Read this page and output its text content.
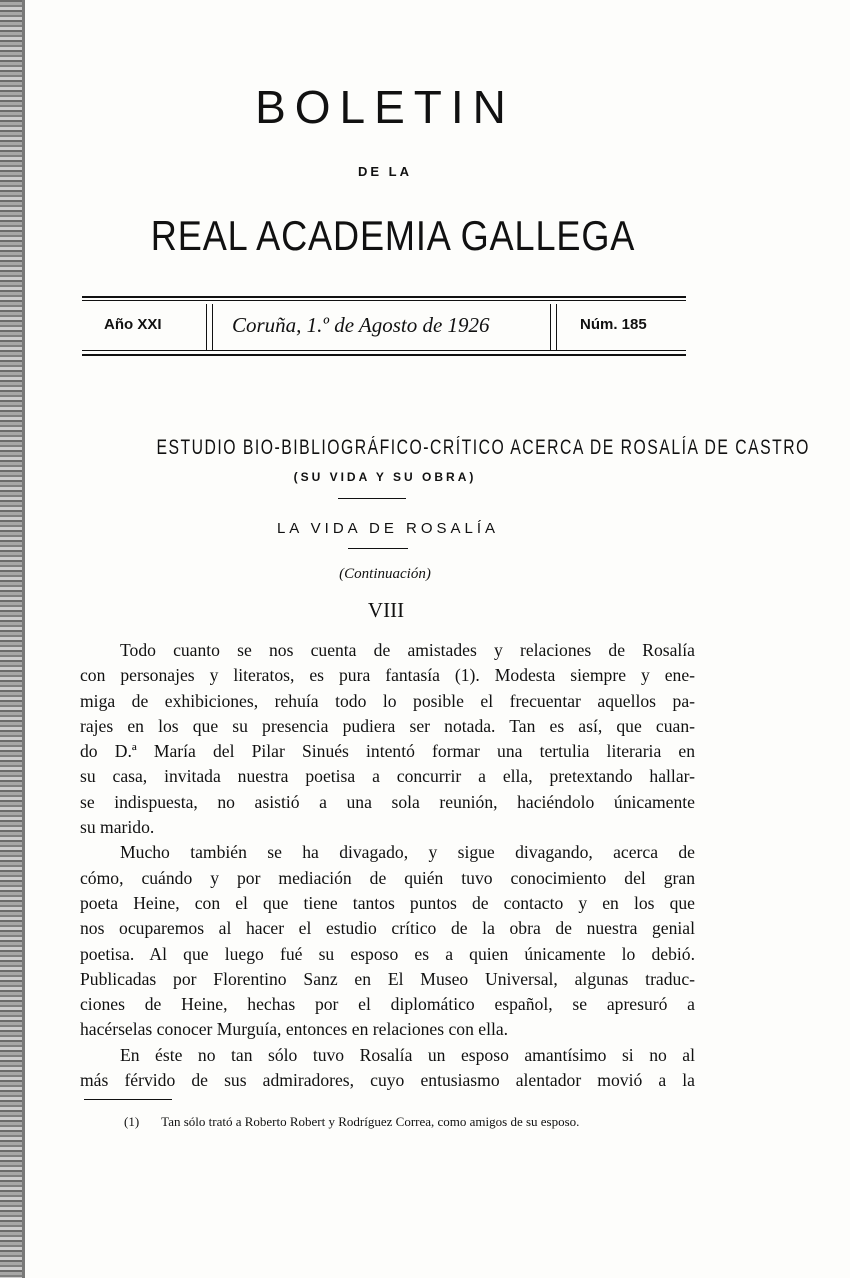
BOLETIN
DE LA
REAL ACADEMIA GALLEGA
Año XXI	Coruña, 1.º de Agosto de 1926	Núm. 185
ESTUDIO BIO-BIBLIOGRÁFICO-CRÍTICO ACERCA DE ROSALÍA DE CASTRO
(SU VIDA Y SU OBRA)
LA VIDA DE ROSALÍA
(Continuación)
VIII
Todo cuanto se nos cuenta de amistades y relaciones de Rosalía
con personajes y literatos, es pura fantasía (1). Modesta siempre y ene-
miga de exhibiciones, rehuía todo lo posible el frecuentar aquellos pa-
rajes en los que su presencia pudiera ser notada. Tan es así, que cuan-
do D.ª María del Pilar Sinués intentó formar una tertulia literaria en
su casa, invitada nuestra poetisa a concurrir a ella, pretextando hallar-
se indispuesta, no asistió a una sola reunión, haciéndolo únicamente
su marido.
Mucho también se ha divagado, y sigue divagando, acerca de
cómo, cuándo y por mediación de quién tuvo conocimiento del gran
poeta Heine, con el que tiene tantos puntos de contacto y en los que
nos ocuparemos al hacer el estudio crítico de la obra de nuestra genial
poetisa. Al que luego fué su esposo es a quien únicamente lo debió.
Publicadas por Florentino Sanz en El Museo Universal, algunas traduc-
ciones de Heine, hechas por el diplomático español, se apresuró a
hacérselas conocer Murguía, entonces en relaciones con ella.
En éste no tan sólo tuvo Rosalía un esposo amantísimo si no al
más férvido de sus admiradores, cuyo entusiasmo alentador movió a la
(1) Tan sólo trató a Roberto Robert y Rodríguez Correa, como amigos de su esposo.
